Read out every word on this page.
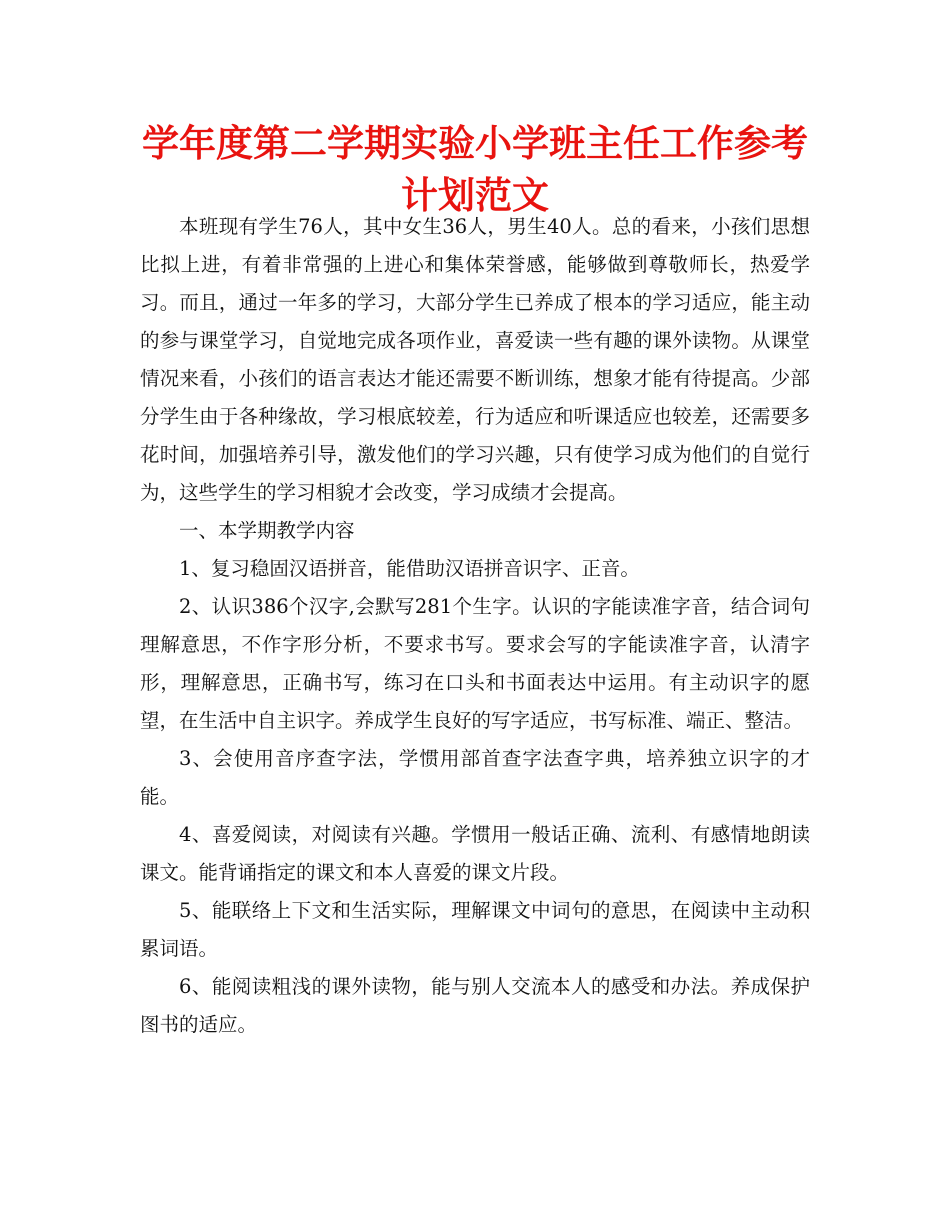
学年度第二学期实验小学班主任工作参考
计划范文

本班现有学生76人，其中女生36人，男生40人。总的看来，小孩们思想比拟上进，有着非常强的上进心和集体荣誉感，能够做到尊敬师长，热爱学习。而且，通过一年多的学习，大部分学生已养成了根本的学习适应，能主动的参与课堂学习，自觉地完成各项作业，喜爱读一些有趣的课外读物。从课堂情况来看，小孩们的语言表达才能还需要不断训练，想象才能有待提高。少部分学生由于各种缘故，学习根底较差，行为适应和听课适应也较差，还需要多花时间，加强培养引导，激发他们的学习兴趣，只有使学习成为他们的自觉行为，这些学生的学习相貌才会改变，学习成绩才会提高。

一、本学期教学内容

1、复习稳固汉语拼音，能借助汉语拼音识字、正音。

2、认识386个汉字,会默写281个生字。认识的字能读准字音，结合词句理解意思，不作字形分析，不要求书写。要求会写的字能读准字音，认清字形，理解意思，正确书写，练习在口头和书面表达中运用。有主动识字的愿望，在生活中自主识字。养成学生良好的写字适应，书写标准、端正、整洁。

3、会使用音序查字法，学惯用部首查字法查字典，培养独立识字的才能。

4、喜爱阅读，对阅读有兴趣。学惯用一般话正确、流利、有感情地朗读课文。能背诵指定的课文和本人喜爱的课文片段。

5、能联络上下文和生活实际，理解课文中词句的意思，在阅读中主动积累词语。

6、能阅读粗浅的课外读物，能与别人交流本人的感受和办法。养成保护图书的适应。
